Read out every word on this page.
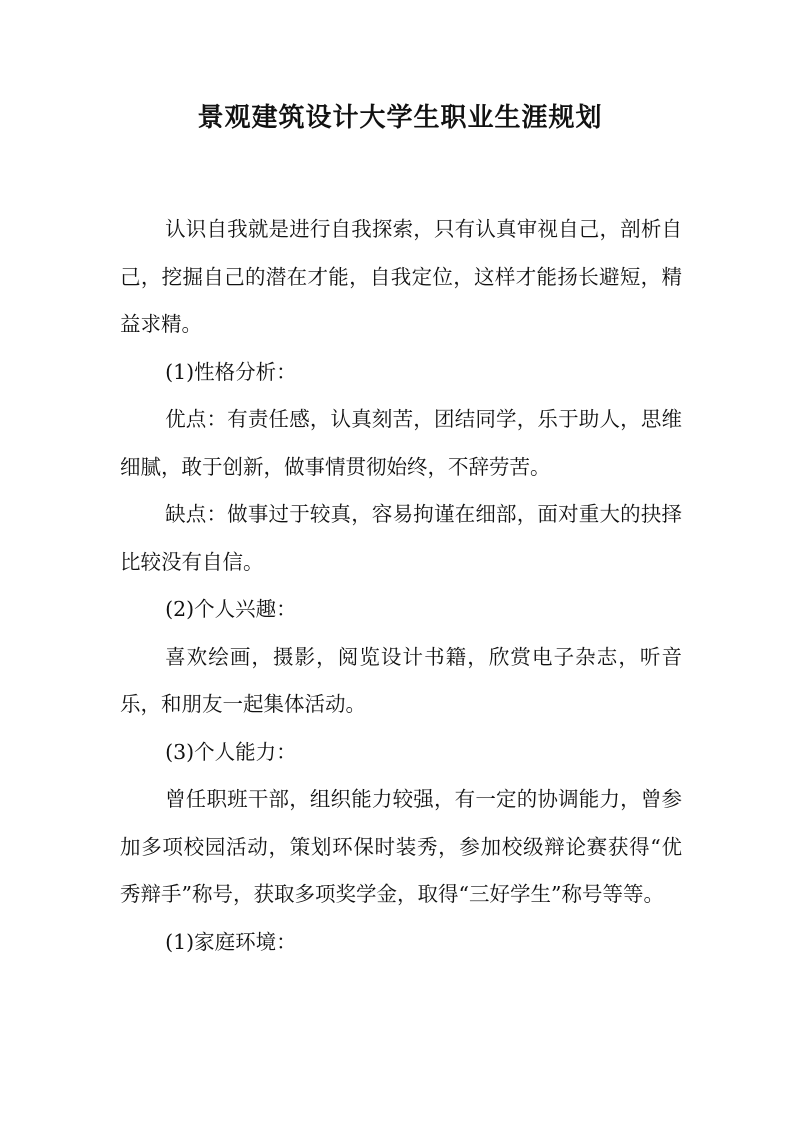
景观建筑设计大学生职业生涯规划

认识自我就是进行自我探索，只有认真审视自己，剖析自己，挖掘自己的潜在才能，自我定位，这样才能扬长避短，精益求精。

(1)性格分析：

优点：有责任感，认真刻苦，团结同学，乐于助人，思维细腻，敢于创新，做事情贯彻始终，不辞劳苦。

缺点：做事过于较真，容易拘谨在细部，面对重大的抉择比较没有自信。

(2)个人兴趣：

喜欢绘画，摄影，阅览设计书籍，欣赏电子杂志，听音乐，和朋友一起集体活动。

(3)个人能力：

曾任职班干部，组织能力较强，有一定的协调能力，曾参加多项校园活动，策划环保时装秀，参加校级辩论赛获得“优秀辩手”称号，获取多项奖学金，取得“三好学生”称号等等。

(1)家庭环境：
